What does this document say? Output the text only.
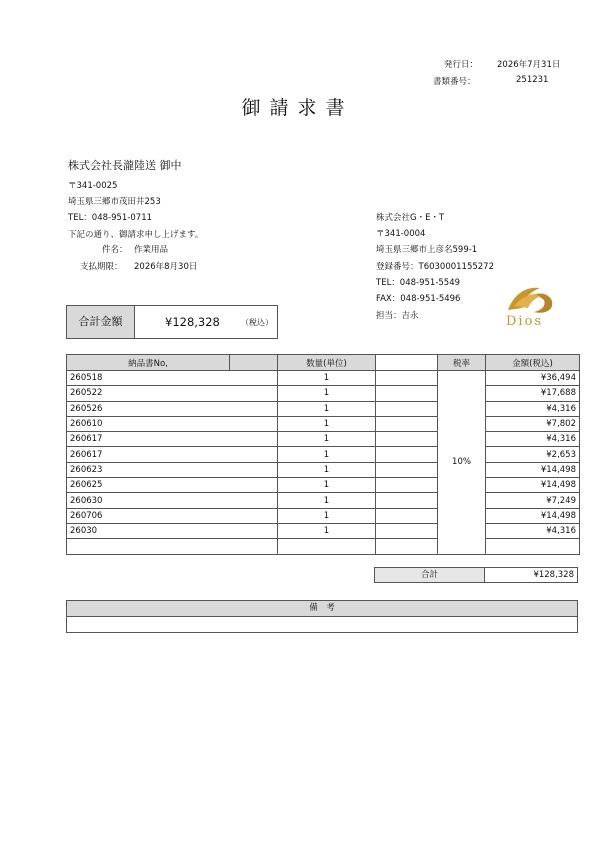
発行日： 2026年7月31日
書類番号：	251231
御請求書
株式会社長瀧陸送 御中
〒341-0025
埼玉県三郷市茂田井253
TEL：048-951-0711
下記の通り、御請求申し上げます。
件名： 作業用品
支払期限： 2026年8月30日
合計金額	¥128,328	（税込）
株式会社G・E・T
〒341-0004
埼玉県三郷市上彦名599-1
登録番号：T6030001155272
TEL：048-951-5549
FAX：048-951-5496
担当：吉永	Dios
納品書No,		数量(単位)		税率	金額(税込)
260518		1		10%	¥36,494
260522		1			¥17,688
260526		1			¥4,316
260610		1			¥7,802
260617		1			¥4,316
260617		1			¥2,653
260623		1			¥14,498
260625		1			¥14,498
260630		1			¥7,249
260706		1			¥14,498
26030		1			¥4,316

合計	¥128,328
備　考
